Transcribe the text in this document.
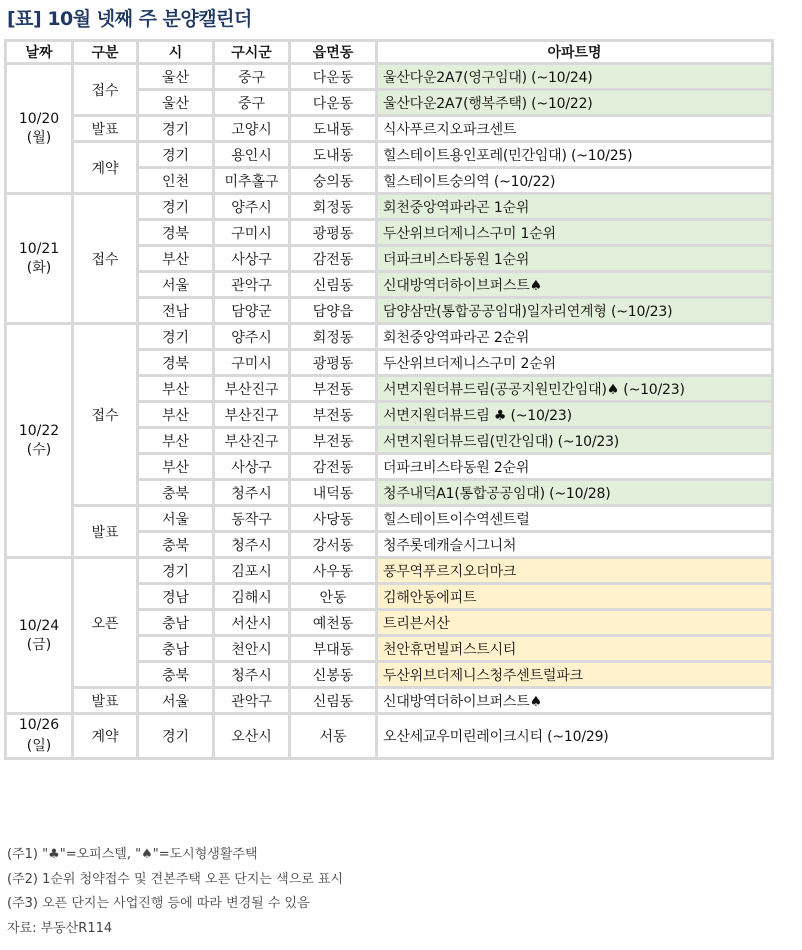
[표] 10월 넷째 주 분양캘린더
날짜	구분	시	구시군	읍면동	아파트명

10/20
(월)	접수	울산	중구	다운동	울산다운2A7(영구임대) (~10/24)
		울산	중구	다운동	울산다운2A7(행복주택) (~10/22)
	발표	경기	고양시	도내동	식사푸르지오파크센트
	계약	경기	용인시	도내동	힐스테이트용인포레(민간임대) (~10/25)
		인천	미추홀구	숭의동	힐스테이트숭의역 (~10/22)

10/21
(화)	접수	경기	양주시	회정동	회천중앙역파라곤 1순위
		경북	구미시	광평동	두산위브더제니스구미 1순위
		부산	사상구	감전동	더파크비스타동원 1순위
		서울	관악구	신림동	신대방역더하이브퍼스트♠
		전남	담양군	담양읍	담양삼만(통합공공임대)일자리연계형 (~10/23)

10/22
(수)	접수	경기	양주시	회정동	회천중앙역파라곤 2순위
		경북	구미시	광평동	두산위브더제니스구미 2순위
		부산	부산진구	부전동	서면지원더뷰드림(공공지원민간임대)♠ (~10/23)
		부산	부산진구	부전동	서면지원더뷰드림 ♣ (~10/23)
		부산	부산진구	부전동	서면지원더뷰드림(민간임대) (~10/23)
		부산	사상구	감전동	더파크비스타동원 2순위
		충북	청주시	내덕동	청주내덕A1(통합공공임대) (~10/28)
	발표	서울	동작구	사당동	힐스테이트이수역센트럴
		충북	청주시	강서동	청주롯데캐슬시그니처

10/24
(금)	오픈	경기	김포시	사우동	풍무역푸르지오더마크
		경남	김해시	안동	김해안동에피트
		충남	서산시	예천동	트리븐서산
		충남	천안시	부대동	천안휴먼빌퍼스트시티
		충북	청주시	신봉동	두산위브더제니스청주센트럴파크
	발표	서울	관악구	신림동	신대방역더하이브퍼스트♠

10/26
(일)	계약	경기	오산시	서동	오산세교우미린레이크시티 (~10/29)
(주1) "♣"=오피스텔, "♠"=도시형생활주택
(주2) 1순위 청약접수 및 견본주택 오픈 단지는 색으로 표시
(주3) 오픈 단지는 사업진행 등에 따라 변경될 수 있음
자료: 부동산R114
